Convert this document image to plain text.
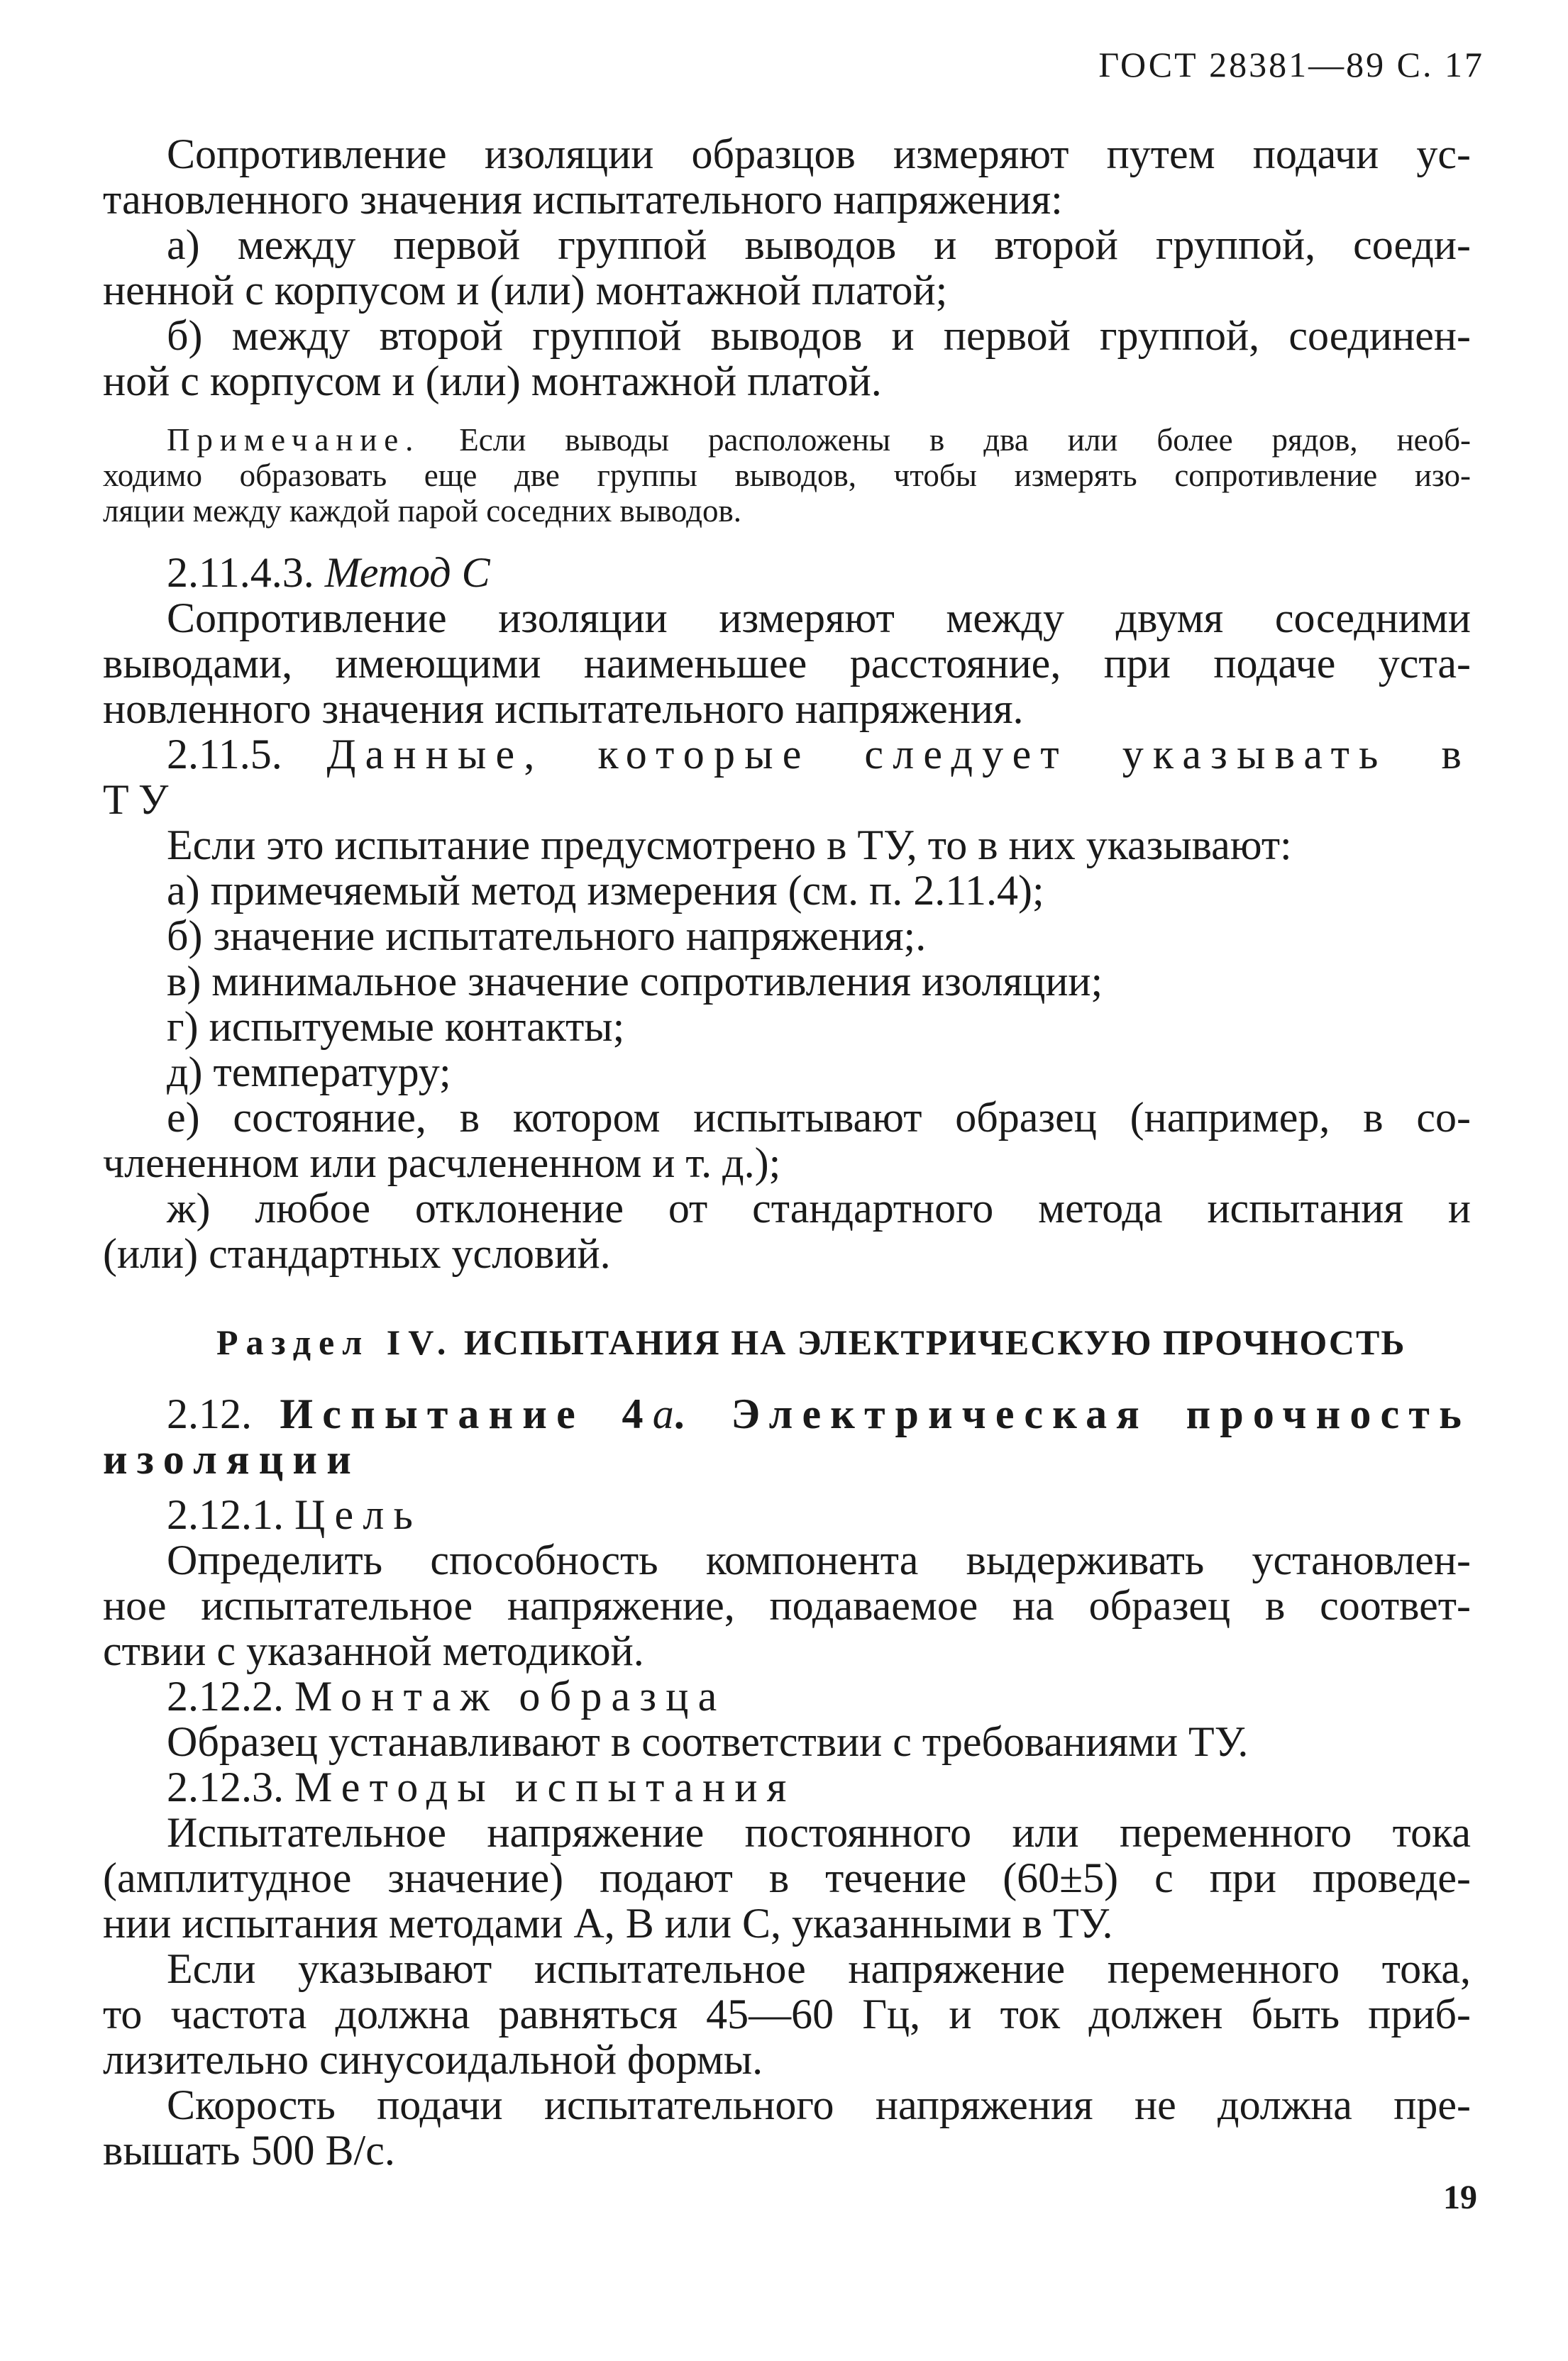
ГОСТ 28381—89 С. 17
Сопротивление изоляции образцов измеряют путем подачи ус-
тановленного значения испытательного напряжения:
а) между первой группой выводов и второй группой, соеди-
ненной с корпусом и (или) монтажной платой;
б) между второй группой выводов и первой группой, соединен-
ной с корпусом и (или) монтажной платой.
Примечание. Если выводы расположены в два или более рядов, необ-
ходимо образовать еще две группы выводов, чтобы измерять сопротивление изо-
ляции между каждой парой соседних выводов.
2.11.4.3. Метод С
Сопротивление изоляции измеряют между двумя соседними
выводами, имеющими наименьшее расстояние, при подаче уста-
новленного значения испытательного напряжения.
2.11.5. Данные, которые следует указывать в
ТУ
Если это испытание предусмотрено в ТУ, то в них указывают:
а) примечяемый метод измерения (см. п. 2.11.4);
б) значение испытательного напряжения;.
в) минимальное значение сопротивления изоляции;
г) испытуемые контакты;
д) температуру;
е) состояние, в котором испытывают образец (например, в со-
члененном или расчлененном и т. д.);
ж) любое отклонение от стандартного метода испытания и
(или) стандартных условий.
Раздел IV. ИСПЫТАНИЯ НА ЭЛЕКТРИЧЕСКУЮ ПРОЧНОСТЬ
2.12. Испытание 4а. Электрическая прочность
изоляции
2.12.1. Цель
Определить способность компонента выдерживать установлен-
ное испытательное напряжение, подаваемое на образец в соответ-
ствии с указанной методикой.
2.12.2. Монтаж образца
Образец устанавливают в соответствии с требованиями ТУ.
2.12.3. Методы испытания
Испытательное напряжение постоянного или переменного тока
(амплитудное значение) подают в течение (60±5) с при проведе-
нии испытания методами А, В или С, указанными в ТУ.
Если указывают испытательное напряжение переменного тока,
то частота должна равняться 45—60 Гц, и ток должен быть приб-
лизительно синусоидальной формы.
Скорость подачи испытательного напряжения не должна пре-
вышать 500 В/с.
19
